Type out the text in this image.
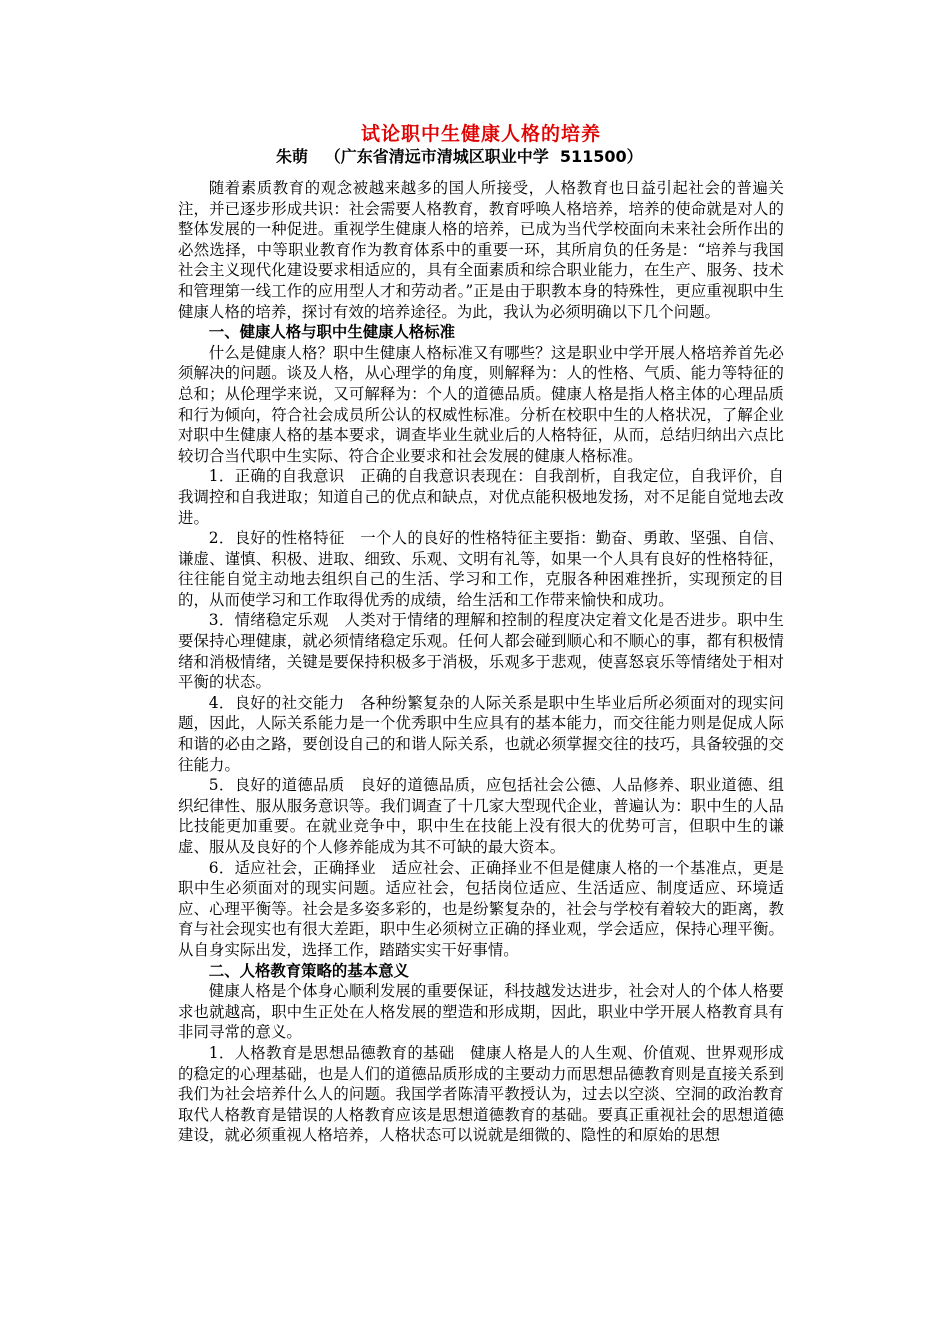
试论职中生健康人格的培养

朱萌   （广东省清远市清城区职业中学  511500）

随着素质教育的观念被越来越多的国人所接受，人格教育也日益引起社会的普遍关注，并已逐步形成共识：社会需要人格教育，教育呼唤人格培养，培养的使命就是对人的整体发展的一种促进。重视学生健康人格的培养，已成为当代学校面向未来社会所作出的必然选择，中等职业教育作为教育体系中的重要一环，其所肩负的任务是：“培养与我国社会主义现代化建设要求相适应的，具有全面素质和综合职业能力，在生产、服务、技术和管理第一线工作的应用型人才和劳动者。”正是由于职教本身的特殊性，更应重视职中生健康人格的培养，探讨有效的培养途径。为此，我认为必须明确以下几个问题。

一、健康人格与职中生健康人格标准

什么是健康人格？职中生健康人格标准又有哪些？这是职业中学开展人格培养首先必须解决的问题。谈及人格，从心理学的角度，则解释为：人的性格、气质、能力等特征的总和；从伦理学来说，又可解释为：个人的道德品质。健康人格是指人格主体的心理品质和行为倾向，符合社会成员所公认的权威性标准。分析在校职中生的人格状况，了解企业对职中生健康人格的基本要求，调查毕业生就业后的人格特征，从而，总结归纳出六点比较切合当代职中生实际、符合企业要求和社会发展的健康人格标准。

1．正确的自我意识　正确的自我意识表现在：自我剖析，自我定位，自我评价，自我调控和自我进取；知道自己的优点和缺点，对优点能积极地发扬，对不足能自觉地去改进。

2．良好的性格特征　一个人的良好的性格特征主要指：勤奋、勇敢、坚强、自信、谦虚、谨慎、积极、进取、细致、乐观、文明有礼等，如果一个人具有良好的性格特征，往往能自觉主动地去组织自己的生活、学习和工作，克服各种困难挫折，实现预定的目的，从而使学习和工作取得优秀的成绩，给生活和工作带来愉快和成功。

3．情绪稳定乐观　人类对于情绪的理解和控制的程度决定着文化是否进步。职中生要保持心理健康，就必须情绪稳定乐观。任何人都会碰到顺心和不顺心的事，都有积极情绪和消极情绪，关键是要保持积极多于消极，乐观多于悲观，使喜怒哀乐等情绪处于相对平衡的状态。

4．良好的社交能力　各种纷繁复杂的人际关系是职中生毕业后所必须面对的现实问题，因此，人际关系能力是一个优秀职中生应具有的基本能力，而交往能力则是促成人际和谐的必由之路，要创设自己的和谐人际关系，也就必须掌握交往的技巧，具备较强的交往能力。

5．良好的道德品质　良好的道德品质，应包括社会公德、人品修养、职业道德、组织纪律性、服从服务意识等。我们调查了十几家大型现代企业，普遍认为：职中生的人品比技能更加重要。在就业竞争中，职中生在技能上没有很大的优势可言，但职中生的谦虚、服从及良好的个人修养能成为其不可缺的最大资本。

6．适应社会，正确择业　适应社会、正确择业不但是健康人格的一个基准点，更是职中生必须面对的现实问题。适应社会，包括岗位适应、生活适应、制度适应、环境适应、心理平衡等。社会是多姿多彩的，也是纷繁复杂的，社会与学校有着较大的距离，教育与社会现实也有很大差距，职中生必须树立正确的择业观，学会适应，保持心理平衡。从自身实际出发，选择工作，踏踏实实干好事情。

二、人格教育策略的基本意义

健康人格是个体身心顺利发展的重要保证，科技越发达进步，社会对人的个体人格要求也就越高，职中生正处在人格发展的塑造和形成期，因此，职业中学开展人格教育具有非同寻常的意义。

1．人格教育是思想品德教育的基础　健康人格是人的人生观、价值观、世界观形成的稳定的心理基础，也是人们的道德品质形成的主要动力而思想品德教育则是直接关系到我们为社会培养什么人的问题。我国学者陈清平教授认为，过去以空淡、空洞的政治教育取代人格教育是错误的人格教育应该是思想道德教育的基础。要真正重视社会的思想道德建设，就必须重视人格培养，人格状态可以说就是细微的、隐性的和原始的思想
